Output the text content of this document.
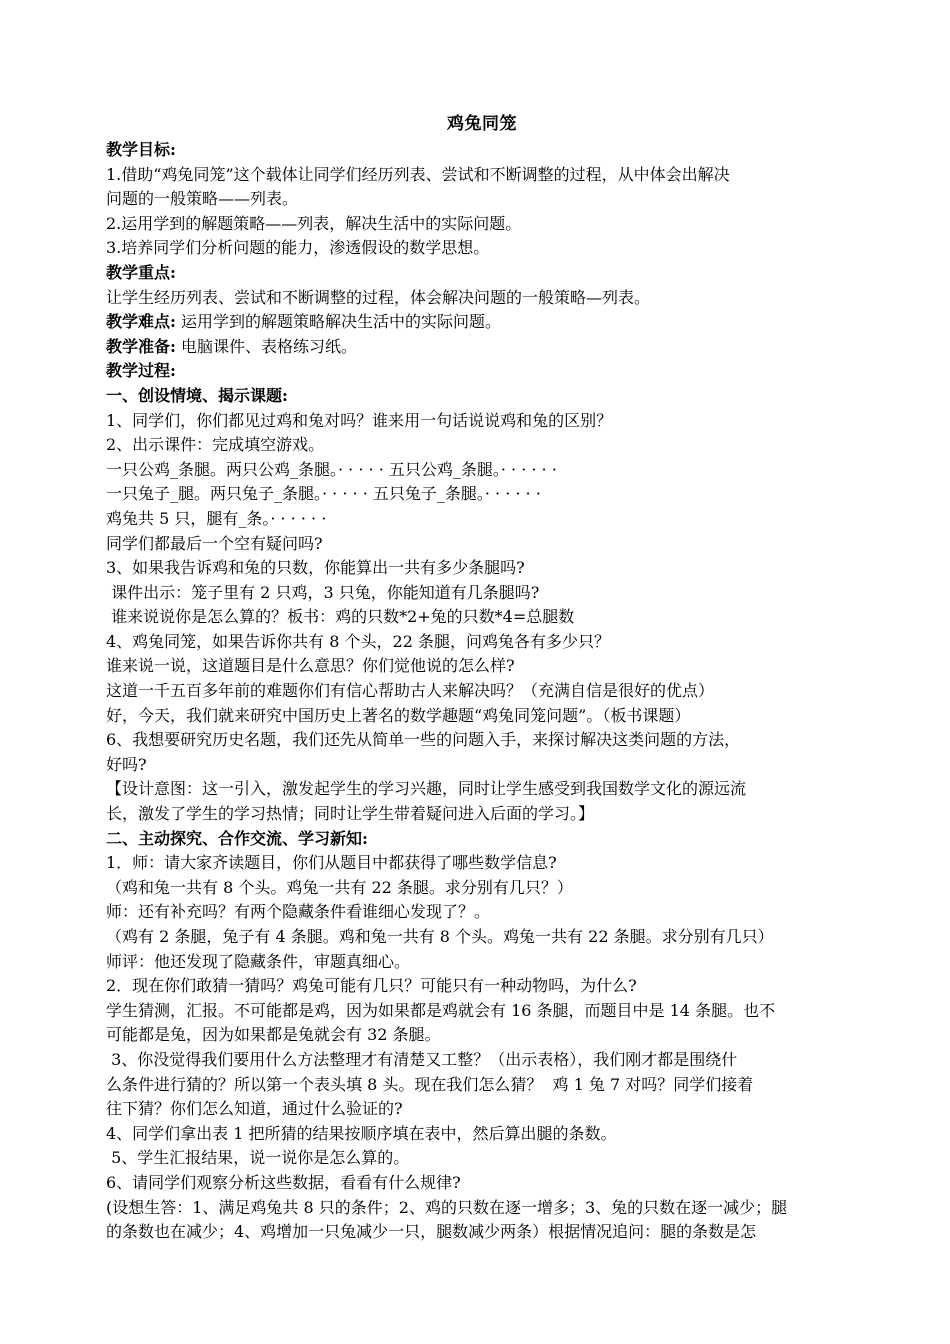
鸡兔同笼
教学目标:
1.借助“鸡兔同笼”这个载体让同学们经历列表、尝试和不断调整的过程，从中体会出解决
问题的一般策略——列表。
2.运用学到的解题策略——列表，解决生活中的实际问题。
3.培养同学们分析问题的能力，渗透假设的数学思想。
教学重点:
让学生经历列表、尝试和不断调整的过程，体会解决问题的一般策略—列表。
教学难点: 运用学到的解题策略解决生活中的实际问题。
教学准备: 电脑课件、表格练习纸。
教学过程:
一、创设情境、揭示课题:
1、同学们，你们都见过鸡和兔对吗？谁来用一句话说说鸡和兔的区别？
2、出示课件：完成填空游戏。
一只公鸡_条腿。两只公鸡_条腿。· · · · · 五只公鸡_条腿。· · · · · ·
一只兔子_腿。两只兔子_条腿。· · · · · 五只兔子_条腿。· · · · · ·
鸡兔共 5 只，腿有_条。· · · · · ·
同学们都最后一个空有疑问吗?
3、如果我告诉鸡和兔的只数，你能算出一共有多少条腿吗?
课件出示：笼子里有 2 只鸡，3 只兔，你能知道有几条腿吗?
谁来说说你是怎么算的？板书：鸡的只数*2+兔的只数*4=总腿数
4、鸡兔同笼，如果告诉你共有 8 个头，22 条腿，问鸡兔各有多少只？
谁来说一说，这道题目是什么意思？你们觉他说的怎么样?
这道一千五百多年前的难题你们有信心帮助古人来解决吗？（充满自信是很好的优点）
好，今天，我们就来研究中国历史上著名的数学趣题“鸡兔同笼问题”。（板书课题）
6、我想要研究历史名题，我们还先从简单一些的问题入手，来探讨解决这类问题的方法，
好吗?
【设计意图：这一引入，激发起学生的学习兴趣，同时让学生感受到我国数学文化的源远流
长，激发了学生的学习热情；同时让学生带着疑问进入后面的学习。】
二、主动探究、合作交流、学习新知:
1．师：请大家齐读题目，你们从题目中都获得了哪些数学信息?
（鸡和兔一共有 8 个头。鸡兔一共有 22 条腿。求分别有几只？）
师：还有补充吗？有两个隐藏条件看谁细心发现了？。
（鸡有 2 条腿，兔子有 4 条腿。鸡和兔一共有 8 个头。鸡兔一共有 22 条腿。求分别有几只）
师评：他还发现了隐藏条件，审题真细心。
2．现在你们敢猜一猜吗？鸡兔可能有几只？可能只有一种动物吗，为什么?
学生猜测，汇报。不可能都是鸡，因为如果都是鸡就会有 16 条腿，而题目中是 14 条腿。也不
可能都是兔，因为如果都是兔就会有 32 条腿。
3、你没觉得我们要用什么方法整理才有清楚又工整？（出示表格），我们刚才都是围绕什
么条件进行猜的？所以第一个表头填 8 头。现在我们怎么猜？  鸡 1 兔 7 对吗？同学们接着
往下猜？你们怎么知道，通过什么验证的?
4、同学们拿出表 1 把所猜的结果按顺序填在表中，然后算出腿的条数。
5、学生汇报结果，说一说你是怎么算的。
6、请同学们观察分析这些数据，看看有什么规律?
(设想生答：1、满足鸡兔共 8 只的条件；2、鸡的只数在逐一增多；3、兔的只数在逐一减少；腿
的条数也在减少；4、鸡增加一只兔减少一只，腿数减少两条）根据情况追问：腿的条数是怎
